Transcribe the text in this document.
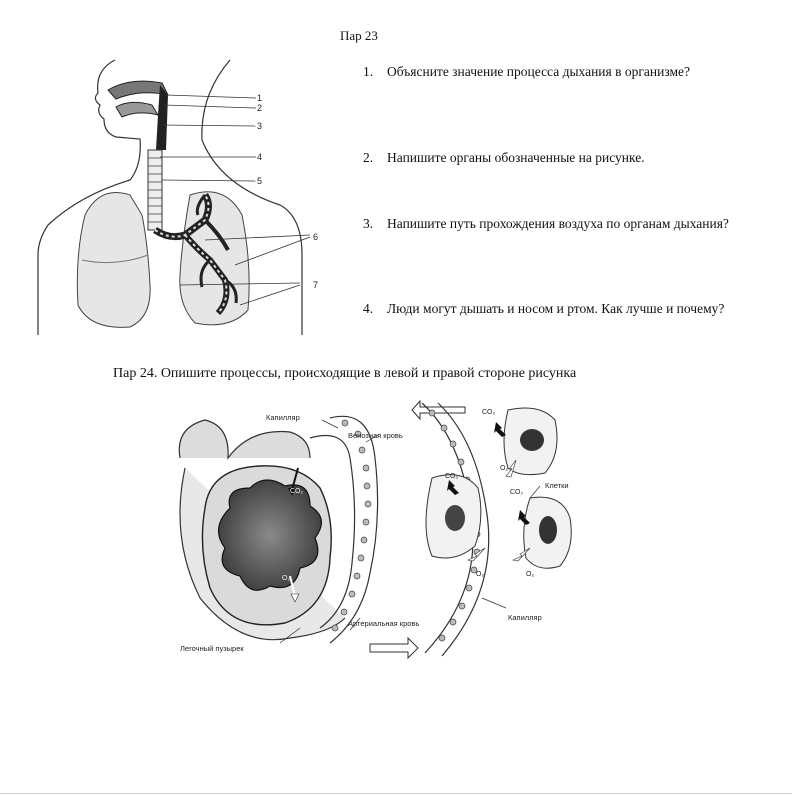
Пар 23
1. Объясните значение процесса дыхания в организме?
2. Напишите органы обозначенные на рисунке.
3. Напишите путь прохождения воздуха по органам дыхания?
4. Люди могут дышать и носом и ртом. Как лучше и почему?
1
2
3
4
5
6
7
Пар 24. Опишите процессы, происходящие в левой и правой стороне рисунка
CO₂
O₂
CO₂
O₂
CO₂
CO₂
O₂	O₂
Капилляр
Венозная кровь
Артериальная кровь
Легочный пузырек
Капилляр
Клетки
